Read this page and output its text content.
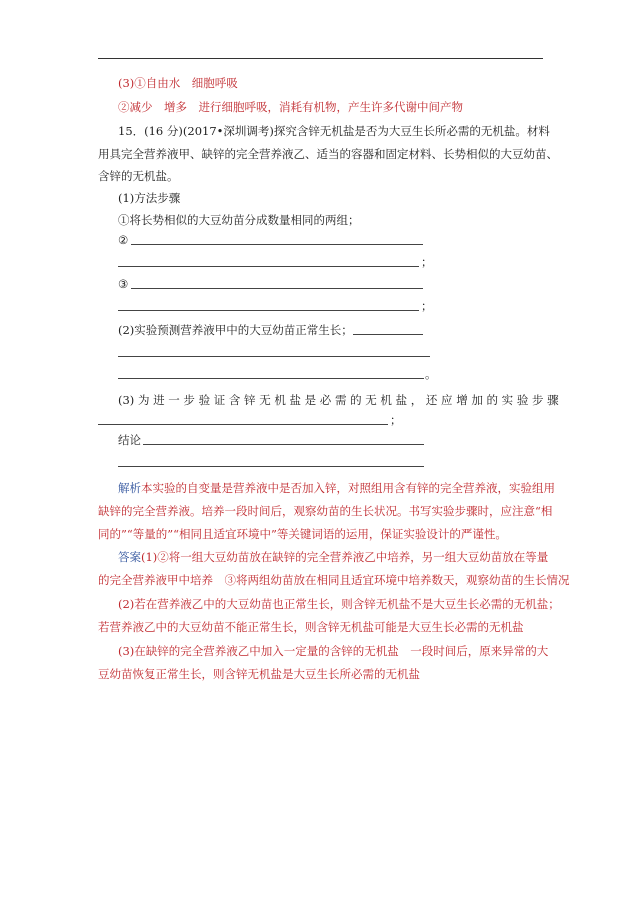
(3)①自由水　细胞呼吸
②减少　增多　进行细胞呼吸，消耗有机物，产生许多代谢中间产物
15．(16 分)(2017•深圳调考)探究含锌无机盐是否为大豆生长所必需的无机盐。材料
用具完全营养液甲、缺锌的完全营养液乙、适当的容器和固定材料、长势相似的大豆幼苗、
含锌的无机盐。
(1)方法步骤
①将长势相似的大豆幼苗分成数量相同的两组；
②
；
③
；
(2)实验预测营养液甲中的大豆幼苗正常生长；
。
(3) 为 进 一 步 验 证 含 锌 无 机 盐 是 必 需 的 无 机 盐 ， 还 应 增 加 的 实 验 步 骤
；
结论
解析本实验的自变量是营养液中是否加入锌，对照组用含有锌的完全营养液，实验组用
缺锌的完全营养液。培养一段时间后，观察幼苗的生长状况。书写实验步骤时，应注意“相
同的”“等量的”“相同且适宜环境中”等关键词语的运用，保证实验设计的严谨性。
答案(1)②将一组大豆幼苗放在缺锌的完全营养液乙中培养，另一组大豆幼苗放在等量
的完全营养液甲中培养　③将两组幼苗放在相同且适宜环境中培养数天，观察幼苗的生长情况
(2)若在营养液乙中的大豆幼苗也正常生长，则含锌无机盐不是大豆生长必需的无机盐；
若营养液乙中的大豆幼苗不能正常生长，则含锌无机盐可能是大豆生长必需的无机盐
(3)在缺锌的完全营养液乙中加入一定量的含锌的无机盐　一段时间后，原来异常的大
豆幼苗恢复正常生长，则含锌无机盐是大豆生长所必需的无机盐
